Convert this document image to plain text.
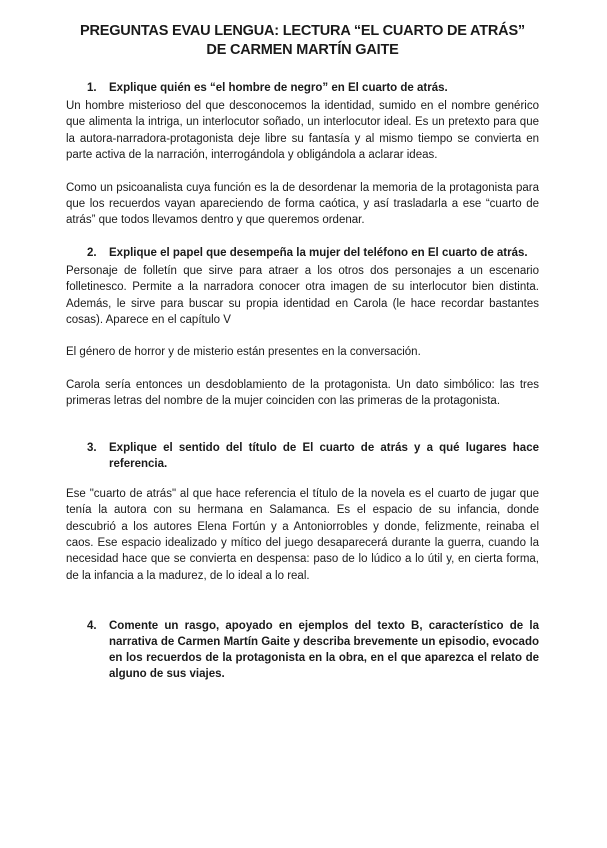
PREGUNTAS EVAU LENGUA: LECTURA “EL CUARTO DE ATRÁS”
DE CARMEN MARTÍN GAITE
1.	Explique quién es “el hombre de negro” en El cuarto de atrás.

Un hombre misterioso del que desconocemos la identidad, sumido en el nombre genérico que alimenta la intriga, un interlocutor soñado, un interlocutor ideal. Es un pretexto para que la autora-narradora-protagonista deje libre su fantasía y al mismo tiempo se convierta en parte activa de la narración, interrogándola y obligándola a aclarar ideas.

Como un psicoanalista cuya función es la de desordenar la memoria de la protagonista para que los recuerdos vayan apareciendo de forma caótica, y así trasladarla a ese “cuarto de atrás” que todos llevamos dentro y que queremos ordenar.

2.	Explique el papel que desempeña la mujer del teléfono en El cuarto de atrás.

Personaje de folletín que sirve para atraer a los otros dos personajes a un escenario folletinesco. Permite a la narradora conocer otra imagen de su interlocutor bien distinta. Además, le sirve para buscar su propia identidad en Carola (le hace recordar bastantes cosas). Aparece en el capítulo V

El género de horror y de misterio están presentes en la conversación.

Carola sería entonces un desdoblamiento de la protagonista. Un dato simbólico: las tres primeras letras del nombre de la mujer coinciden con las primeras de la protagonista.

3.	Explique el sentido del título de El cuarto de atrás y a qué lugares hace referencia.

Ese "cuarto de atrás" al que hace referencia el título de la novela es el cuarto de jugar que tenía la autora con su hermana en Salamanca. Es el espacio de su infancia, donde descubrió a los autores Elena Fortún y a Antoniorrobles y donde, felizmente, reinaba el caos. Ese espacio idealizado y mítico del juego desaparecerá durante la guerra, cuando la necesidad hace que se convierta en despensa: paso de lo lúdico a lo útil y, en cierta forma, de la infancia a la madurez, de lo ideal a lo real.

4.	Comente un rasgo, apoyado en ejemplos del texto B, característico de la narrativa de Carmen Martín Gaite y describa brevemente un episodio, evocado en los recuerdos de la protagonista en la obra, en el que aparezca el relato de alguno de sus viajes.
